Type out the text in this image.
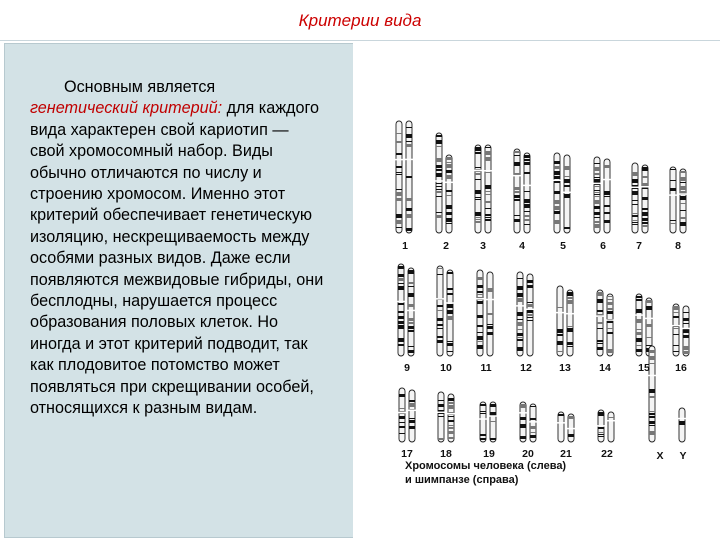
Критерии вида

Основным является генетический критерий: для каждого вида характерен свой кариотип — свой хромосомный набор. Виды обычно отличаются по числу и строению хромосом. Именно этот критерий обеспечивает генетическую изоляцию, нескрещиваемость между особями разных видов. Даже если появляются межвидовые гибриды, они бесплодны, нарушается процесс образования половых клеток. Но иногда и этот критерий подводит, так как плодовитое потомство может появляться при скрещивании особей, относящихся к разным видам.

1	2	3	4	5	6	7	8
9	10	11	12	13	14	15	16
17	18	19	20	21	22	X	Y
Хромосомы человека (слева)
и шимпанзе (справа)
